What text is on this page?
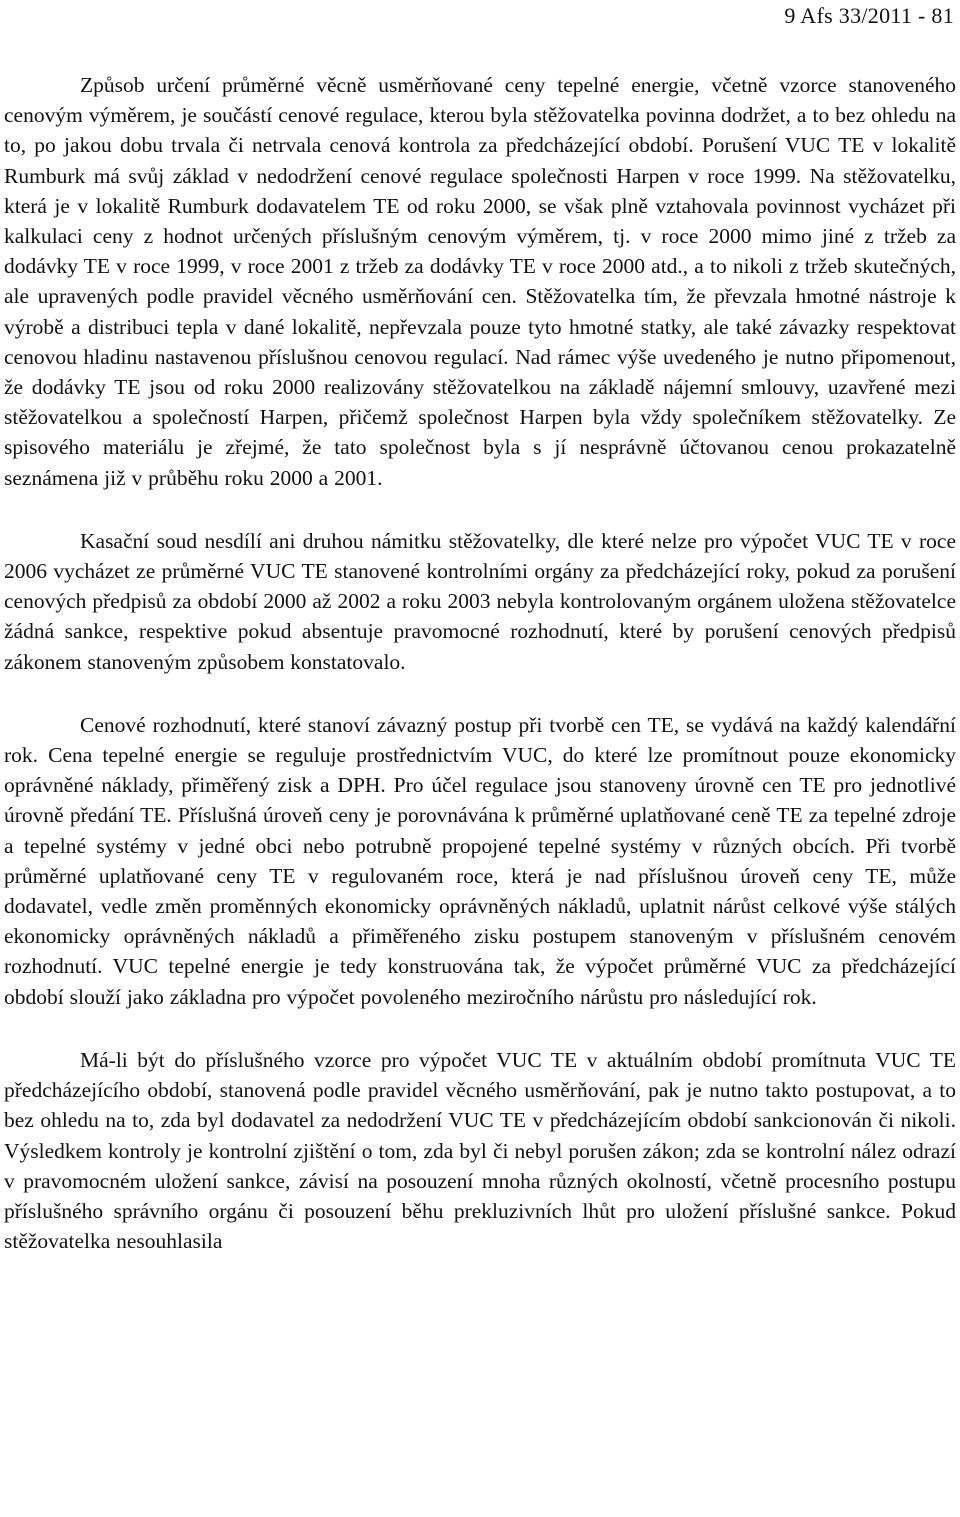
9 Afs 33/2011 - 81

Způsob určení průměrné věcně usměrňované ceny tepelné energie, včetně vzorce stanoveného cenovým výměrem, je součástí cenové regulace, kterou byla stěžovatelka povinna dodržet, a to bez ohledu na to, po jakou dobu trvala či netrvala cenová kontrola za předcházející období. Porušení VUC TE v lokalitě Rumburk má svůj základ v nedodržení cenové regulace společnosti Harpen v roce 1999. Na stěžovatelku, která je v lokalitě Rumburk dodavatelem TE od roku 2000, se však plně vztahovala povinnost vycházet při kalkulaci ceny z hodnot určených příslušným cenovým výměrem, tj. v roce 2000 mimo jiné z tržeb za dodávky TE v roce 1999, v roce 2001 z tržeb za dodávky TE v roce 2000 atd., a to nikoli z tržeb skutečných, ale upravených podle pravidel věcného usměrňování cen. Stěžovatelka tím, že převzala hmotné nástroje k výrobě a distribuci tepla v dané lokalitě, nepřevzala pouze tyto hmotné statky, ale také závazky respektovat cenovou hladinu nastavenou příslušnou cenovou regulací. Nad rámec výše uvedeného je nutno připomenout, že dodávky TE jsou od roku 2000 realizovány stěžovatelkou na základě nájemní smlouvy, uzavřené mezi stěžovatelkou a společností Harpen, přičemž společnost Harpen byla vždy společníkem stěžovatelky. Ze spisového materiálu je zřejmé, že tato společnost byla s jí nesprávně účtovanou cenou prokazatelně seznámena již v průběhu roku 2000 a 2001.

Kasační soud nesdílí ani druhou námitku stěžovatelky, dle které nelze pro výpočet VUC TE v roce 2006 vycházet ze průměrné VUC TE stanovené kontrolními orgány za předcházející roky, pokud za porušení cenových předpisů za období 2000 až 2002 a roku 2003 nebyla kontrolovaným orgánem uložena stěžovatelce žádná sankce, respektive pokud absentuje pravomocné rozhodnutí, které by porušení cenových předpisů zákonem stanoveným způsobem konstatovalo.

Cenové rozhodnutí, které stanoví závazný postup při tvorbě cen TE, se vydává na každý kalendářní rok. Cena tepelné energie se reguluje prostřednictvím VUC, do které lze promítnout pouze ekonomicky oprávněné náklady, přiměřený zisk a DPH. Pro účel regulace jsou stanoveny úrovně cen TE pro jednotlivé úrovně předání TE. Příslušná úroveň ceny je porovnávána k průměrné uplatňované ceně TE za tepelné zdroje a tepelné systémy v jedné obci nebo potrubně propojené tepelné systémy v různých obcích. Při tvorbě průměrné uplatňované ceny TE v regulovaném roce, která je nad příslušnou úroveň ceny TE, může dodavatel, vedle změn proměnných ekonomicky oprávněných nákladů, uplatnit nárůst celkové výše stálých ekonomicky oprávněných nákladů a přiměřeného zisku postupem stanoveným v příslušném cenovém rozhodnutí. VUC tepelné energie je tedy konstruována tak, že výpočet průměrné VUC za předcházející období slouží jako základna pro výpočet povoleného meziročního nárůstu pro následující rok.

Má-li být do příslušného vzorce pro výpočet VUC TE v aktuálním období promítnuta VUC TE předcházejícího období, stanovená podle pravidel věcného usměrňování, pak je nutno takto postupovat, a to bez ohledu na to, zda byl dodavatel za nedodržení VUC TE v předcházejícím období sankcionován či nikoli. Výsledkem kontroly je kontrolní zjištění o tom, zda byl či nebyl porušen zákon; zda se kontrolní nález odrazí v pravomocném uložení sankce, závisí na posouzení mnoha různých okolností, včetně procesního postupu příslušného správního orgánu či posouzení běhu prekluzivních lhůt pro uložení příslušné sankce. Pokud stěžovatelka nesouhlasila
